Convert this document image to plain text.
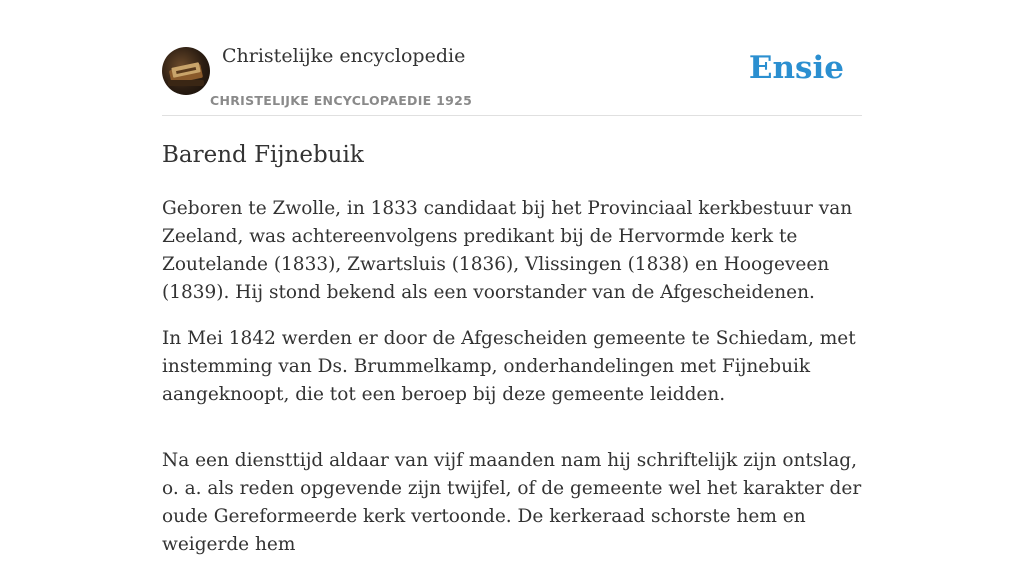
Christelijke encyclopedie
CHRISTELIJKE ENCYCLOPAEDIE 1925
Ensie
Barend Fijnebuik

Geboren te Zwolle, in 1833 candidaat bij het Provinciaal kerkbestuur van Zeeland, was achtereenvolgens predikant bij de Hervormde kerk te Zoutelande (1833), Zwartsluis (1836), Vlissingen (1838) en Hoogeveen (1839). Hij stond bekend als een voorstander van de Afgescheidenen.

In Mei 1842 werden er door de Afgescheiden gemeente te Schiedam, met instemming van Ds. Brummelkamp, onderhandelingen met Fijnebuik aangeknoopt, die tot een beroep bij deze gemeente leidden.

Na een diensttijd aldaar van vijf maanden nam hij schriftelijk zijn ontslag, o. a. als reden opgevende zijn twijfel, of de gemeente wel het karakter der oude Gereformeerde kerk vertoonde. De kerkeraad schorste hem en weigerde hem
